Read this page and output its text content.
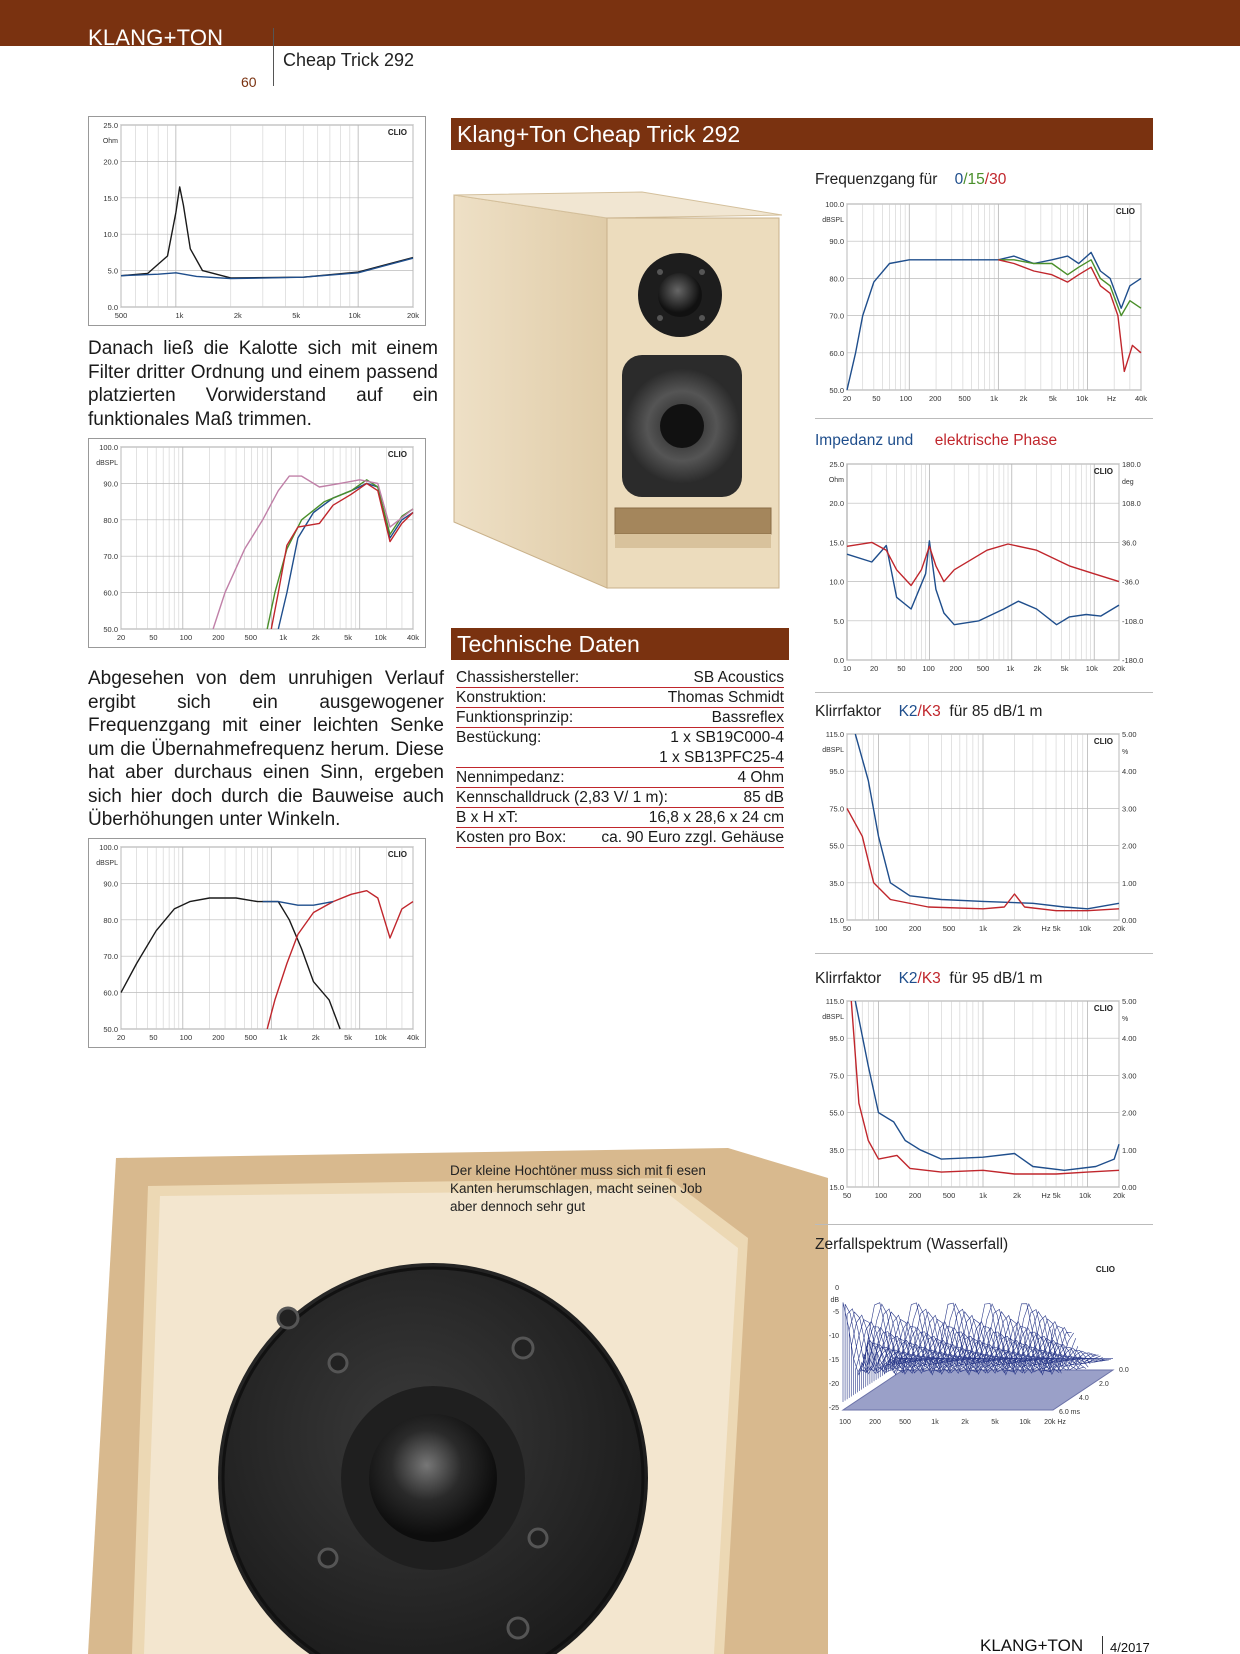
KLANG+TON
Cheap Trick 292
60
25.0
20.0
15.0
10.0
5.0
0.0
Ohm
500	1k	2k	5k	10k	20k
CLIO

Danach ließ die Kalotte sich mit einem Filter dritter Ordnung und einem passend platzierten Vorwiderstand auf ein funktionales Maß trimmen.

100.0
90.0
80.0
70.0
60.0
50.0
dBSPL
20	50	100	200	500	1k	2k	5k	10k	40k
CLIO

Abgesehen von dem unruhigen Verlauf ergibt sich ein ausgewogener Frequenzgang mit einer leichten Senke um die Übernahmefrequenz herum. Diese hat aber durchaus einen Sinn, ergeben sich hier doch durch die Bauweise auch Überhöhungen unter Winkeln.

100.0
90.0
80.0
70.0
60.0
50.0
dBSPL
20	50	100	200	500	1k	2k	5k	10k	40k
CLIO
Klang+Ton Cheap Trick 292
Technische Daten
Chassishersteller:	SB Acoustics
Konstruktion:	Thomas Schmidt
Funktionsprinzip:	Bassreflex
Bestückung:	1 x SB19C000-4
1 x SB13PFC25-4
Nennimpedanz:	4 Ohm
Kennschalldruck (2,83 V/ 1 m):	85 dB
B x H xT:	16,8 x 28,6 x 24 cm
Kosten pro Box: ca. 90 Euro zzgl. Gehäuse
Der kleine Hochtöner muss sich mit fi esen
Kanten herumschlagen, macht seinen Job
aber dennoch sehr gut
Frequenzgang für 0/15/30
100.0
90.0
80.0
70.0
60.0
50.0
dBSPL
20	50	100 200 500	1k	2k	5k	10k	Hz	40k
CLIO
Impedanz und elektrische Phase
25.0	180.0
20.0	108.0
15.0	36.0
10.0	-36.0
5.0	-108.0
0.0	-180.0
Ohm	deg
10	20	50 100 200 500 1k	2k	5k 10k 20k
CLIO
Klirrfaktor K2/K3 für 85 dB/1 m
115.0	5.00
95.0	4.00
75.0	3.00
55.0	2.00
35.0	1.00
15.0	0.00
dBSPL	%
50	100	200	500	1k	2k	Hz 5k 10k	20k
CLIO
Klirrfaktor K2/K3 für 95 dB/1 m
115.0	5.00
95.0	4.00
75.0	3.00
55.0	2.00
35.0	1.00
15.0	0.00
dBSPL	%
50	100	200	500	1k	2k	Hz 5k 10k	20k
CLIO
Zerfallspektrum (Wasserfall)
0
-5
-10
-15
-20
-25
dB
100	200	500	1k	2k	5k	10k 20k Hz
0.0
2.0
4.0
6.0 ms
CLIO
KLANG+TON 4/2017
